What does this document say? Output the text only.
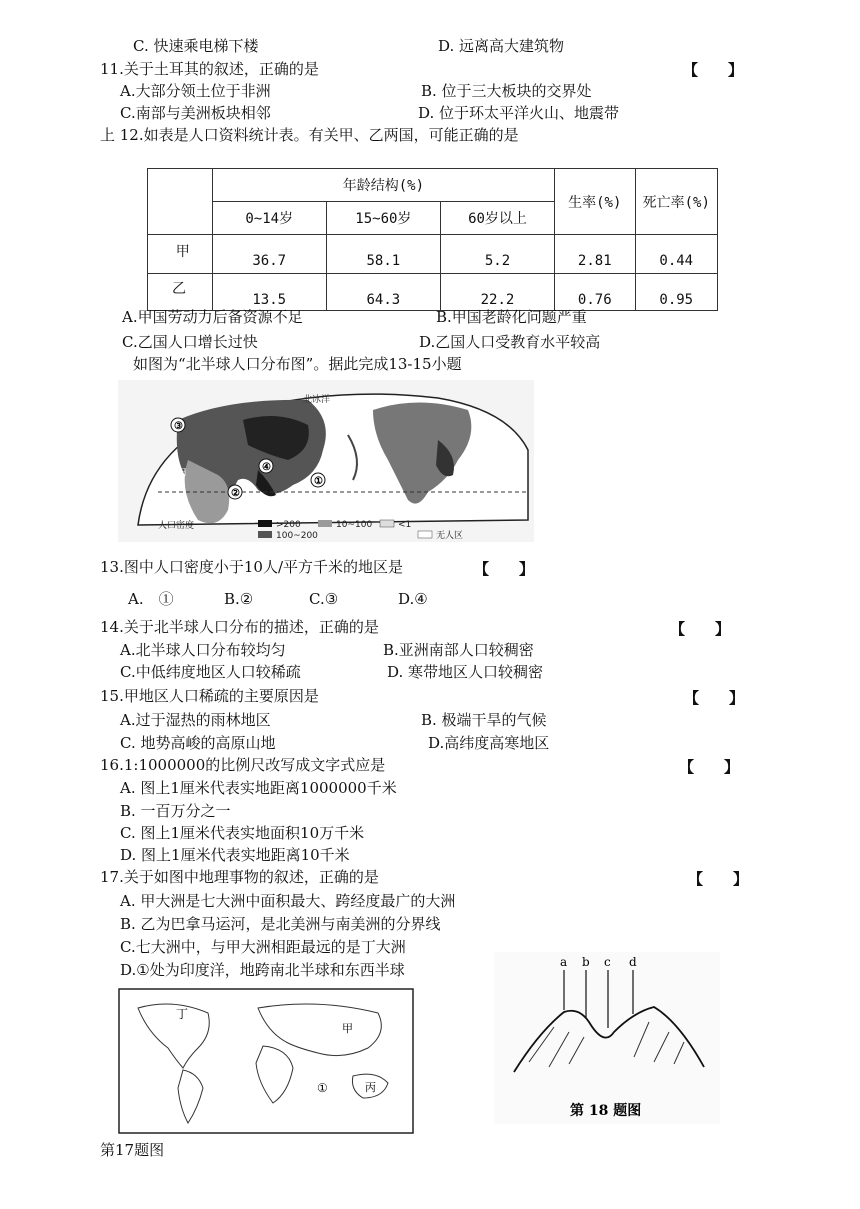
C. 快速乘电梯下楼	D. 远离高大建筑物
11.关于土耳其的叙述，正确的是	【　　】
A.大部分领土位于非洲	B. 位于三大板块的交界处
C.南部与美洲板块相邻	D. 位于环太平洋火山、地震带
上 12.如表是人口资料统计表。有关甲、乙两国，可能正确的是
	年龄结构(%)			生率(%)	死亡率(%)
	0~14岁	15~60岁	60岁以上		
甲	36.7	58.1	5.2	2.81	0.44
乙	13.5	64.3	22.2	0.76	0.95
A.甲国劳动力后备资源不足	B.甲国老龄化问题严重
C.乙国人口增长过快	D.乙国人口受教育水平较高
如图为“北半球人口分布图”。据此完成13-15小题
③
①
②
④
甲
北冰洋
人口密度	>200
100~200
10~100	<1
无人区
13.图中人口密度小于10人/平方千米的地区是	【　　】
A.　①	B.②	C.③	D.④
14.关于北半球人口分布的描述，正确的是	【　　】
A.北半球人口分布较均匀	B.亚洲南部人口较稠密
C.中低纬度地区人口较稀疏	D. 寒带地区人口较稠密
15.甲地区人口稀疏的主要原因是	【　　】
A.过于湿热的雨林地区	B. 极端干旱的气候
C. 地势高峻的高原山地	D.高纬度高寒地区
16.1:1000000的比例尺改写成文字式应是	【　　】
A. 图上1厘米代表实地距离1000000千米
B. 一百万分之一
C. 图上1厘米代表实地面积10万千米
D. 图上1厘米代表实地距离10千米
17.关于如图中地理事物的叙述，正确的是	【　　】
A. 甲大洲是七大洲中面积最大、跨经度最广的大洲
B. 乙为巴拿马运河，是北美洲与南美洲的分界线
C.七大洲中，与甲大洲相距最远的是丁大洲
D.①处为印度洋，地跨南北半球和东西半球
丁
甲
丙
①
第17题图
a b c d
第 18 题图
